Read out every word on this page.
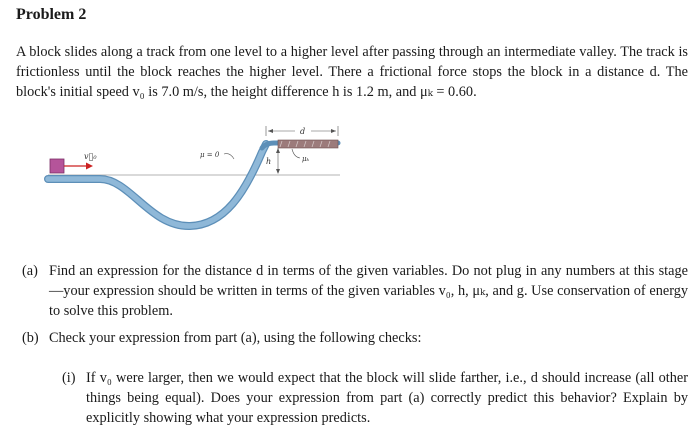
Problem 2
A block slides along a track from one level to a higher level after passing through an intermediate valley. The track is frictionless until the block reaches the higher level. There a frictional force stops the block in a distance d. The block's initial speed v₀ is 7.0 m/s, the height difference h is 1.2 m, and μₖ = 0.60.
v⃗₀	μ = 0
d
h	μₖ
(a) Find an expression for the distance d in terms of the given variables. Do not plug in any numbers at this stage—your expression should be written in terms of the given variables v₀, h, μₖ, and g. Use conservation of energy to solve this problem.
(b) Check your expression from part (a), using the following checks:
(i) If v₀ were larger, then we would expect that the block will slide farther, i.e., d should increase (all other things being equal). Does your expression from part (a) correctly predict this behavior? Explain by explicitly showing what your expression predicts.
